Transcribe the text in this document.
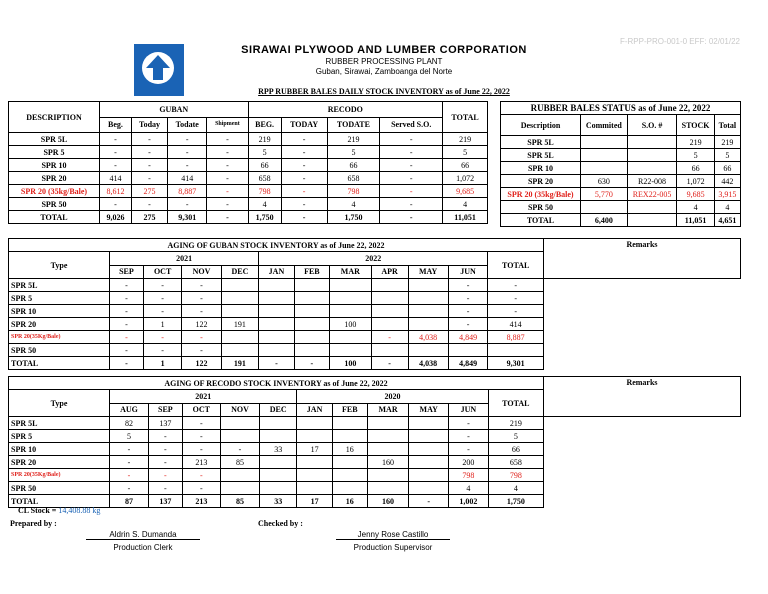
F-RPP-PRO-001-0 EFF: 02/01/22
SIRAWAI PLYWOOD AND LUMBER CORPORATION
RUBBER PROCESSING PLANT
Guban, Sirawai, Zamboanga del Norte
RPP RUBBER BALES DAILY STOCK INVENTORY as of June 22, 2022
DESCRIPTION	GUBAN				RECODO				TOTAL
	Beg.	Today	Todate	Shipment	BEG.	TODAY	TODATE	Served S.O.	
SPR 5L	-	-	-	-	219	-	219	-	219
SPR 5	-	-	-	-	5	-	5	-	5
SPR 10	-	-	-	-	66	-	66	-	66
SPR 20	414	-	414	-	658	-	658	-	1,072
SPR 20 (35kg/Bale)	8,612	275	8,887	-	798	-	798	-	9,685
SPR 50	-	-	-	-	4	-	4	-	4
TOTAL	9,026	275	9,301	-	1,750	-	1,750	-	11,051
RUBBER BALES STATUS as of June 22, 2022				
Description	Commited	S.O. #	STOCK	Total
SPR 5L			219	219
SPR 5L			5	5
SPR 10			66	66
SPR 20	630	R22-008	1,072	442
SPR 20 (35kg/Bale)	5,770	REX22-005	9,685	3,915
SPR 50			4	4
TOTAL	6,400		11,051	4,651
AGING OF GUBAN STOCK INVENTORY as of June 22, 2022												Remarks
Type	2021				2022						TOTAL	
	SEP	OCT	NOV	DEC	JAN	FEB	MAR	APR	MAY	JUN		
SPR 5L	-	-	-							-	-	
SPR 5	-	-	-							-	-	
SPR 10	-	-	-							-	-	
SPR 20	-	1	122	191			100			-	414	
SPR 20(35Kg/Bale)	-	-	-					-	4,038	4,849	8,887	
SPR 50	-	-	-									
TOTAL	-	1	122	191	-	-	100	-	4,038	4,849	9,301	
AGING OF RECODO STOCK INVENTORY as of June 22, 2022												Remarks
Type	2021					2020					TOTAL	
	AUG	SEP	OCT	NOV	DEC	JAN	FEB	MAR	MAY	JUN		
SPR 5L	82	137	-							-	219	
SPR 5	5	-	-							-	5	
SPR 10	-	-	-	-	33	17	16			-	66	
SPR 20	-	-	213	85				160		200	658	
SPR 20(35Kg/Bale)	-	-	-							798	798	
SPR 50	-	-	-							4	4	
TOTAL	87	137	213	85	33	17	16	160	-	1,002	1,750	
CL Stock = 14,408.88 kg
Prepared by :	Checked by :
Aldrin S. Dumanda
Production Clerk
Jenny Rose Castillo
Production Supervisor
